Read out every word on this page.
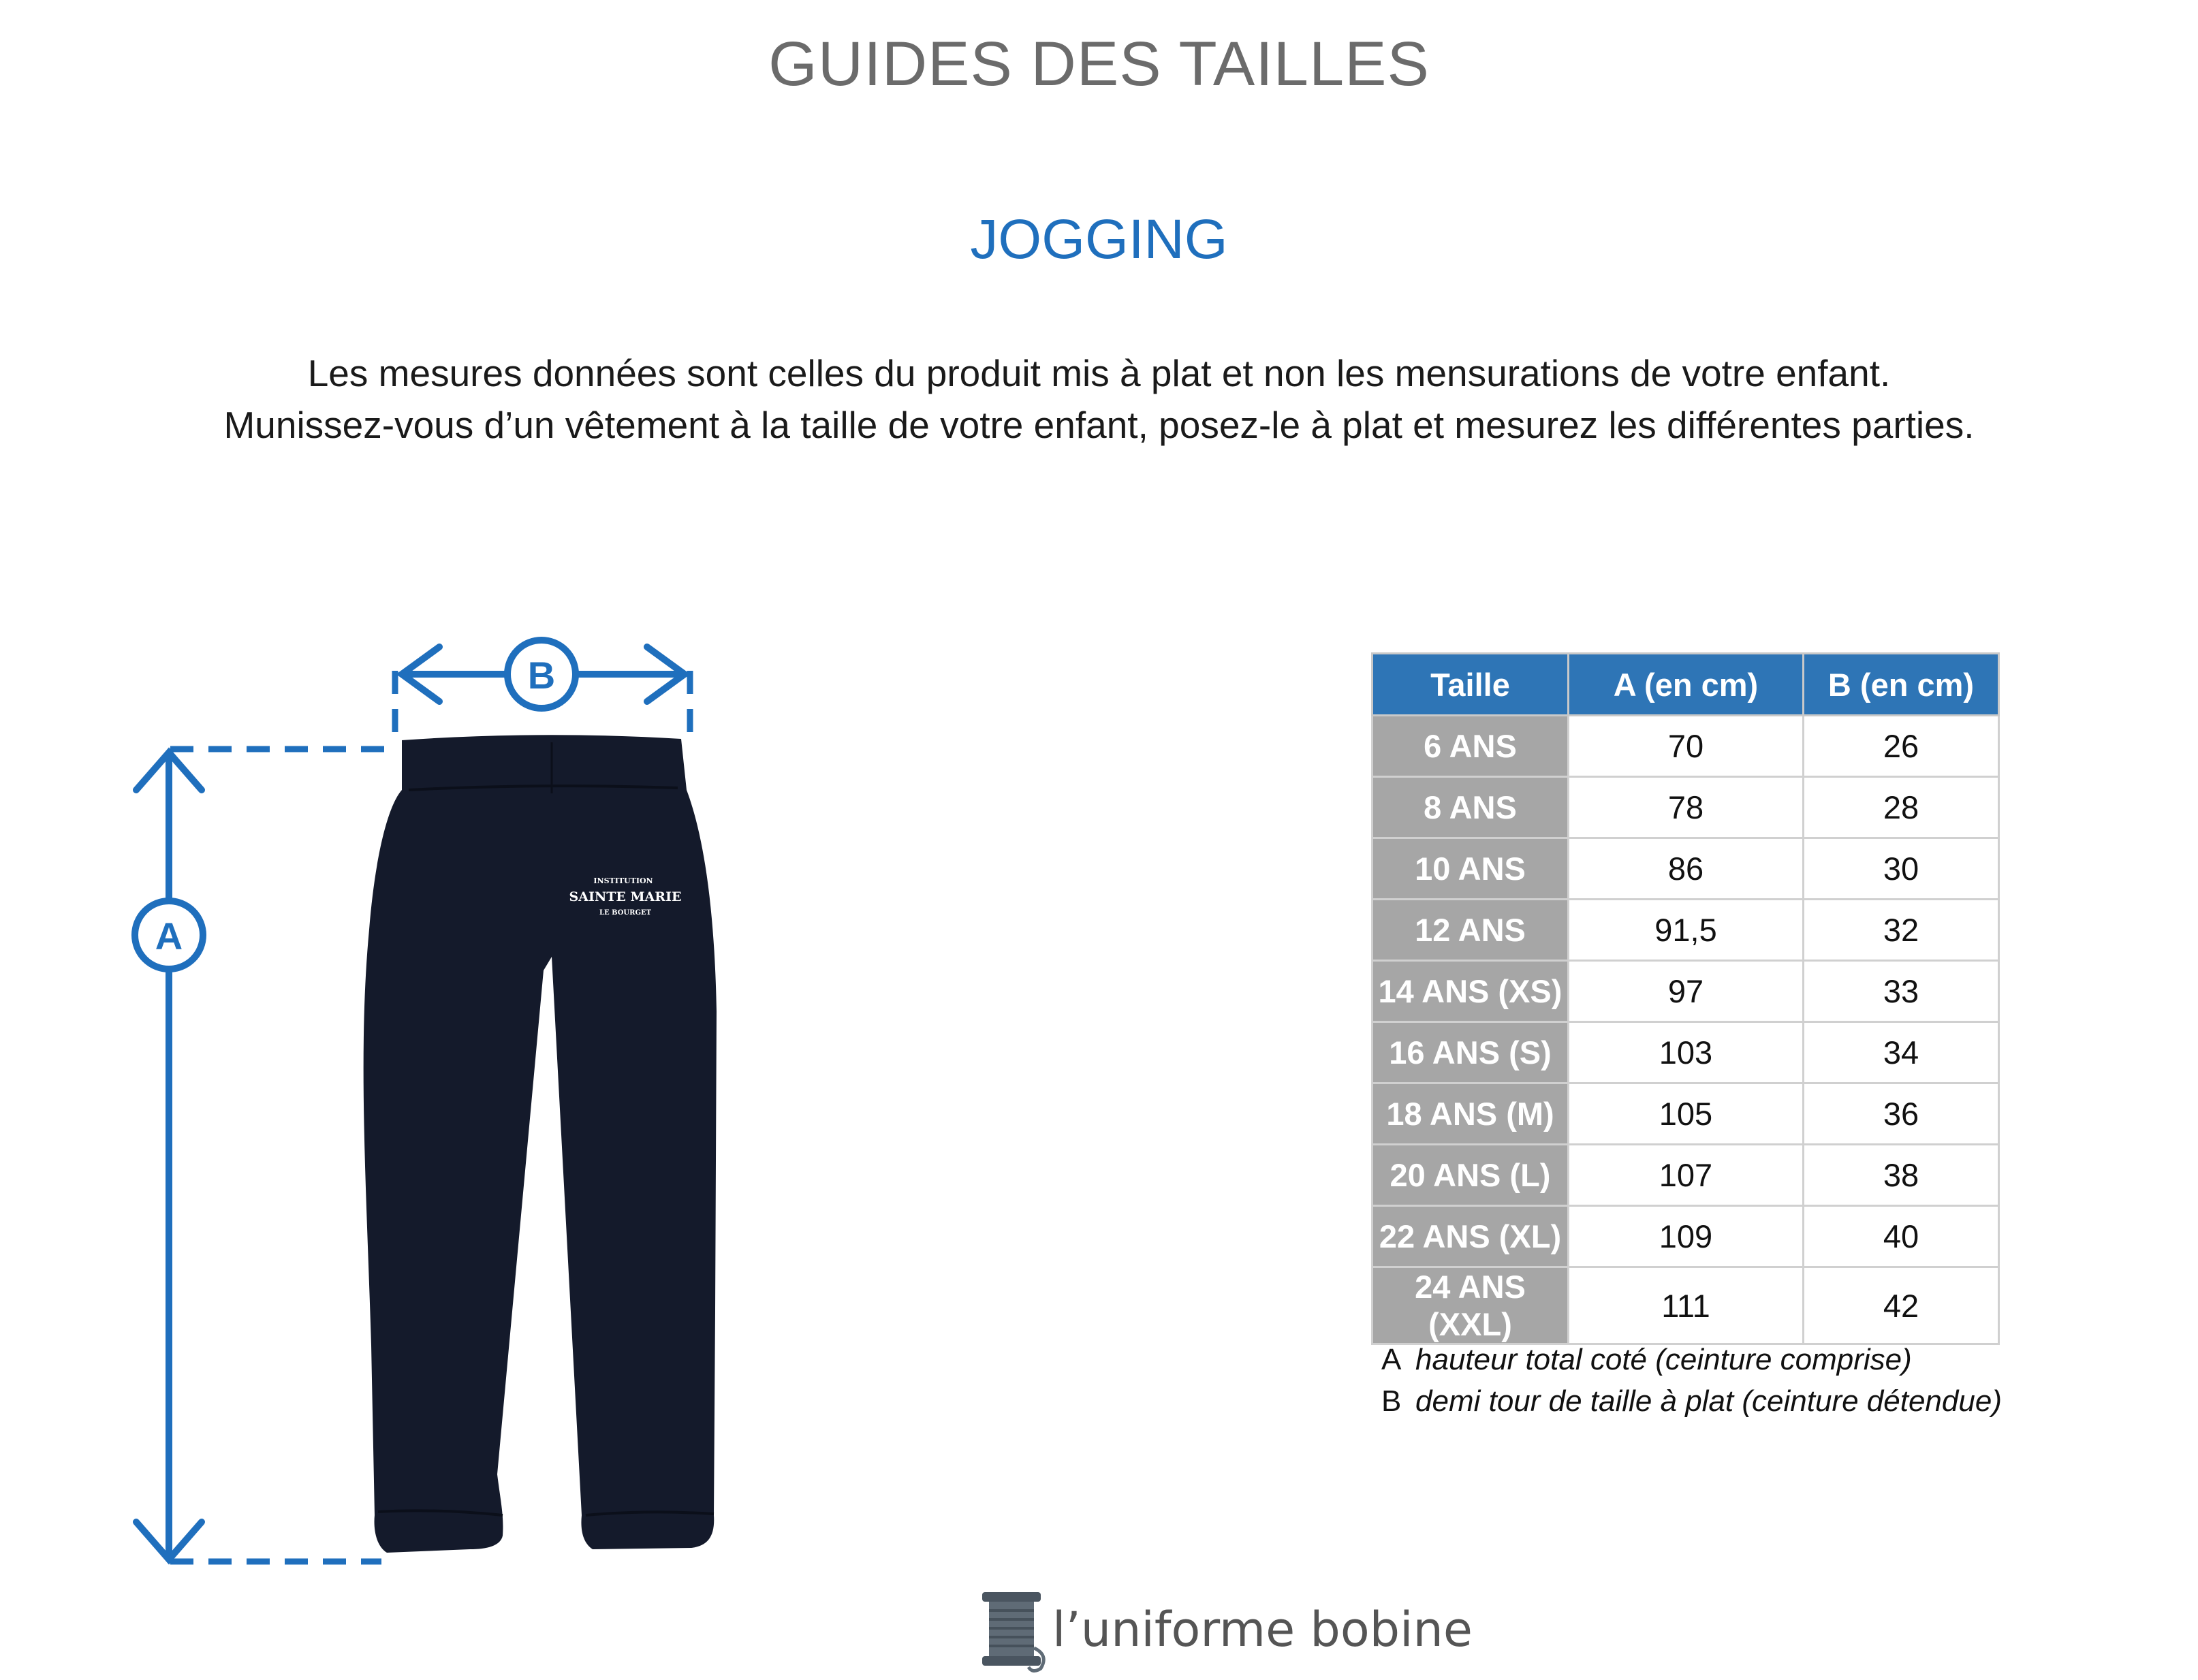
GUIDES DES TAILLES
JOGGING
Les mesures données sont celles du produit mis à plat et non les mensurations de votre enfant.
Munissez-vous d’un vêtement à la taille de votre enfant, posez-le à plat et mesurez les différentes parties.
INSTITUTION
SAINTE MARIE
LE BOURGET
A
B	Taille	A (en cm)	B (en cm)
6 ANS	70	26
8 ANS	78	28
10 ANS	86	30
12 ANS	91,5	32
14 ANS (XS)	97	33
16 ANS (S)	103	34
18 ANS (M)	105	36
20 ANS (L)	107	38
22 ANS (XL)	109	40
24 ANS (XXL)	111	42
A hauteur total coté (ceinture comprise)
B demi tour de taille à plat (ceinture détendue)
l’uniforme bobine
